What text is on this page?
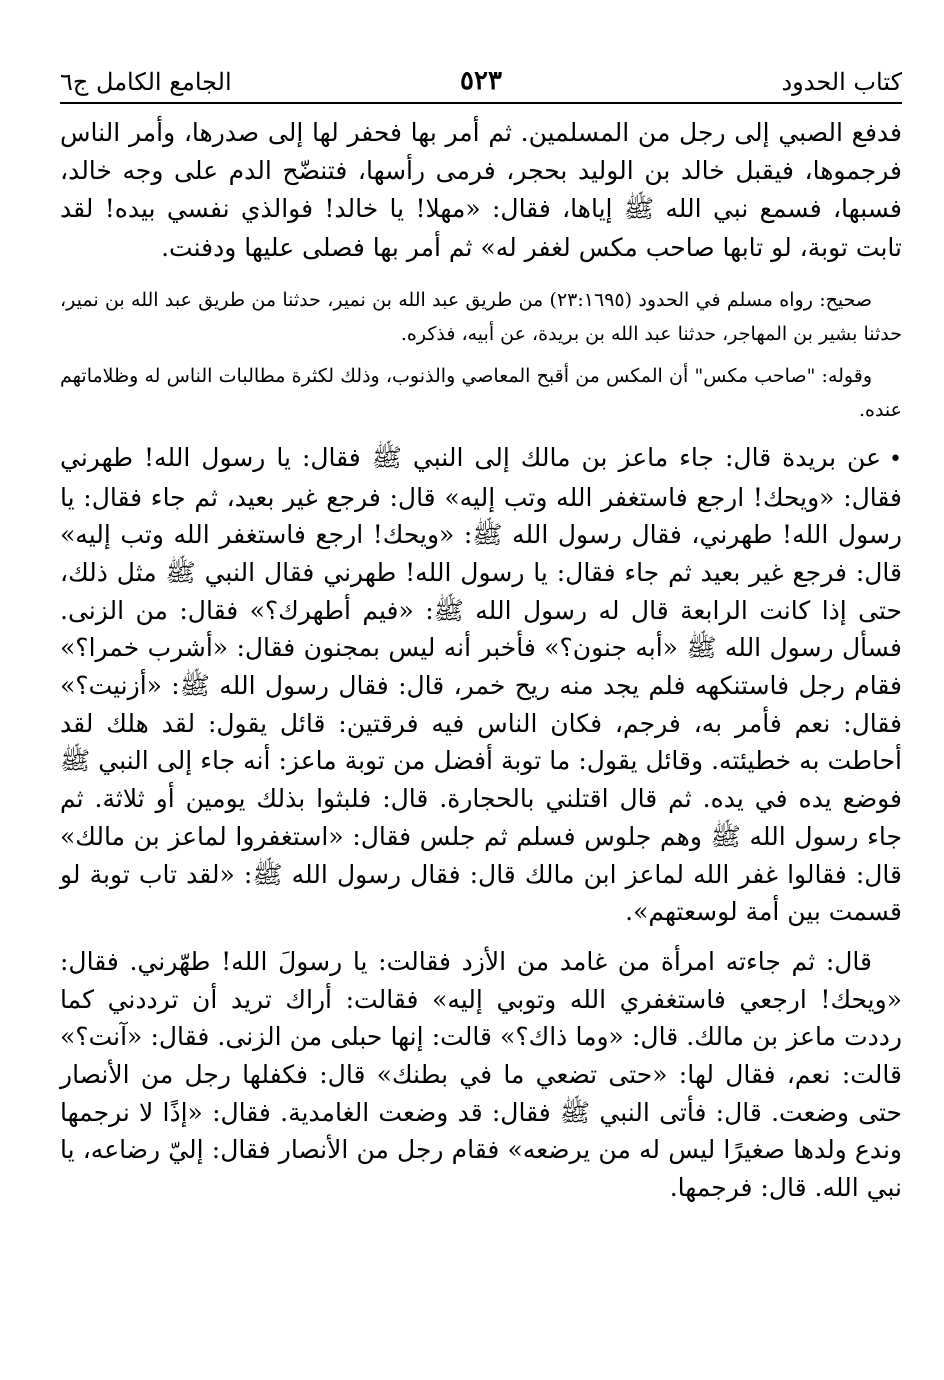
كتاب الحدود
٥٢٣
الجامع الكامل ج٦

فدفع الصبي إلى رجل من المسلمين. ثم أمر بها فحفر لها إلى صدرها، وأمر الناس فرجموها، فيقبل خالد بن الوليد بحجر، فرمى رأسها، فتنضّح الدم على وجه خالد، فسبها، فسمع نبي الله ﷺ إياها، فقال: «مهلا! يا خالد! فوالذي نفسي بيده! لقد تابت توبة، لو تابها صاحب مكس لغفر له» ثم أمر بها فصلى عليها ودفنت.

صحيح: رواه مسلم في الحدود (٢٣:١٦٩٥) من طريق عبد الله بن نمير، حدثنا من طريق عبد الله بن نمير، حدثنا بشير بن المهاجر، حدثنا عبد الله بن بريدة، عن أبيه، فذكره.

وقوله: "صاحب مكس" أن المكس من أقبح المعاصي والذنوب، وذلك لكثرة مطالبات الناس له وظلاماتهم عنده.

•عن بريدة قال: جاء ماعز بن مالك إلى النبي ﷺ فقال: يا رسول الله! طهرني فقال: «ويحك! ارجع فاستغفر الله وتب إليه» قال: فرجع غير بعيد، ثم جاء فقال: يا رسول الله! طهرني، فقال رسول الله ﷺ: «ويحك! ارجع فاستغفر الله وتب إليه» قال: فرجع غير بعيد ثم جاء فقال: يا رسول الله! طهرني فقال النبي ﷺ مثل ذلك، حتى إذا كانت الرابعة قال له رسول الله ﷺ: «فيم أطهرك؟» فقال: من الزنى. فسأل رسول الله ﷺ «أبه جنون؟» فأخبر أنه ليس بمجنون فقال: «أشرب خمرا؟» فقام رجل فاستنكهه فلم يجد منه ريح خمر، قال: فقال رسول الله ﷺ: «أزنيت؟» فقال: نعم فأمر به، فرجم، فكان الناس فيه فرقتين: قائل يقول: لقد هلك لقد أحاطت به خطيئته. وقائل يقول: ما توبة أفضل من توبة ماعز: أنه جاء إلى النبي ﷺ فوضع يده في يده. ثم قال اقتلني بالحجارة. قال: فلبثوا بذلك يومين أو ثلاثة. ثم جاء رسول الله ﷺ وهم جلوس فسلم ثم جلس فقال: «استغفروا لماعز بن مالك» قال: فقالوا غفر الله لماعز ابن مالك قال: فقال رسول الله ﷺ: «لقد تاب توبة لو قسمت بين أمة لوسعتهم».

قال: ثم جاءته امرأة من غامد من الأزد فقالت: يا رسولَ الله! طهّرني. فقال: «ويحك! ارجعي فاستغفري الله وتوبي إليه» فقالت: أراك تريد أن ترددني كما رددت ماعز بن مالك. قال: «وما ذاك؟» قالت: إنها حبلى من الزنى. فقال: «آنت؟» قالت: نعم، فقال لها: «حتى تضعي ما في بطنك» قال: فكفلها رجل من الأنصار حتى وضعت. قال: فأتى النبي ﷺ فقال: قد وضعت الغامدية. فقال: «إذًا لا نرجمها وندع ولدها صغيرًا ليس له من يرضعه» فقام رجل من الأنصار فقال: إليّ رضاعه، يا نبي الله. قال: فرجمها.
